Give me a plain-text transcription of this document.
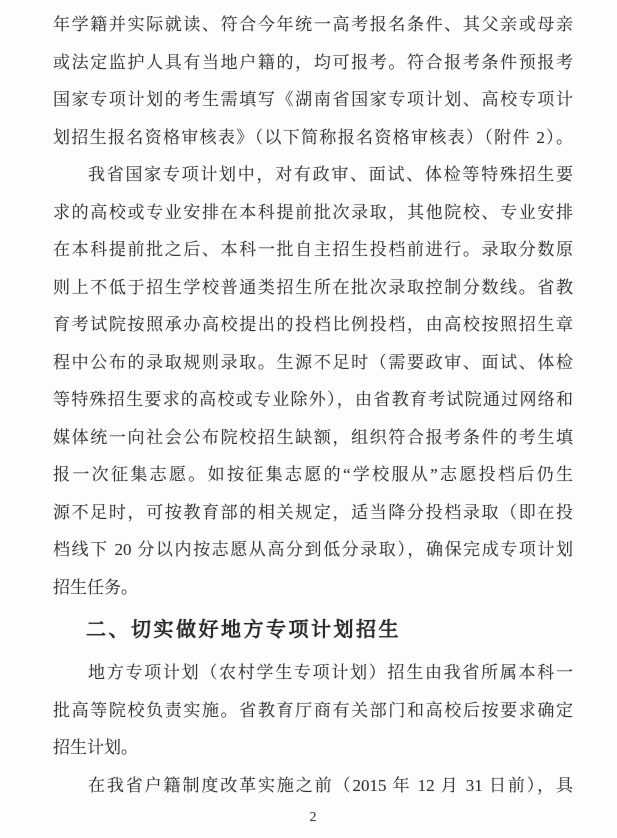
年学籍并实际就读、符合今年统一高考报名条件、其父亲或母亲
或法定监护人具有当地户籍的，均可报考。符合报考条件预报考
国家专项计划的考生需填写《湖南省国家专项计划、高校专项计
划招生报名资格审核表》（以下简称报名资格审核表）（附件 2）。
我省国家专项计划中，对有政审、面试、体检等特殊招生要
求的高校或专业安排在本科提前批次录取，其他院校、专业安排
在本科提前批之后、本科一批自主招生投档前进行。录取分数原
则上不低于招生学校普通类招生所在批次录取控制分数线。省教
育考试院按照承办高校提出的投档比例投档，由高校按照招生章
程中公布的录取规则录取。生源不足时（需要政审、面试、体检
等特殊招生要求的高校或专业除外），由省教育考试院通过网络和
媒体统一向社会公布院校招生缺额，组织符合报考条件的考生填
报一次征集志愿。如按征集志愿的“学校服从”志愿投档后仍生
源不足时，可按教育部的相关规定，适当降分投档录取（即在投
档线下 20 分以内按志愿从高分到低分录取），确保完成专项计划
招生任务。
二、切实做好地方专项计划招生
地方专项计划（农村学生专项计划）招生由我省所属本科一
批高等院校负责实施。省教育厅商有关部门和高校后按要求确定
招生计划。
在我省户籍制度改革实施之前（2015 年 12 月 31 日前），具
2
